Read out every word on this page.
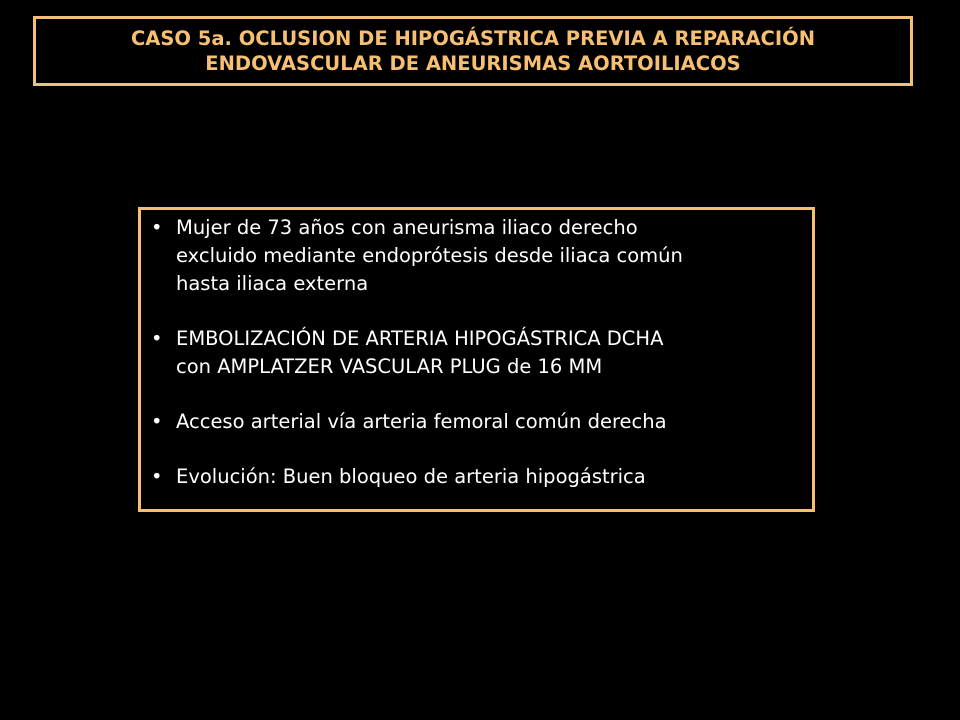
CASO 5a. OCLUSION DE HIPOGÁSTRICA PREVIA A REPARACIÓN
ENDOVASCULAR DE ANEURISMAS AORTOILIACOS
• Mujer de 73 años con aneurisma iliaco derecho
excluido mediante endoprótesis desde iliaca común
hasta iliaca externa
• EMBOLIZACIÓN DE ARTERIA HIPOGÁSTRICA DCHA
con AMPLATZER VASCULAR PLUG de 16 MM
• Acceso arterial vía arteria femoral común derecha
• Evolución: Buen bloqueo de arteria hipogástrica
